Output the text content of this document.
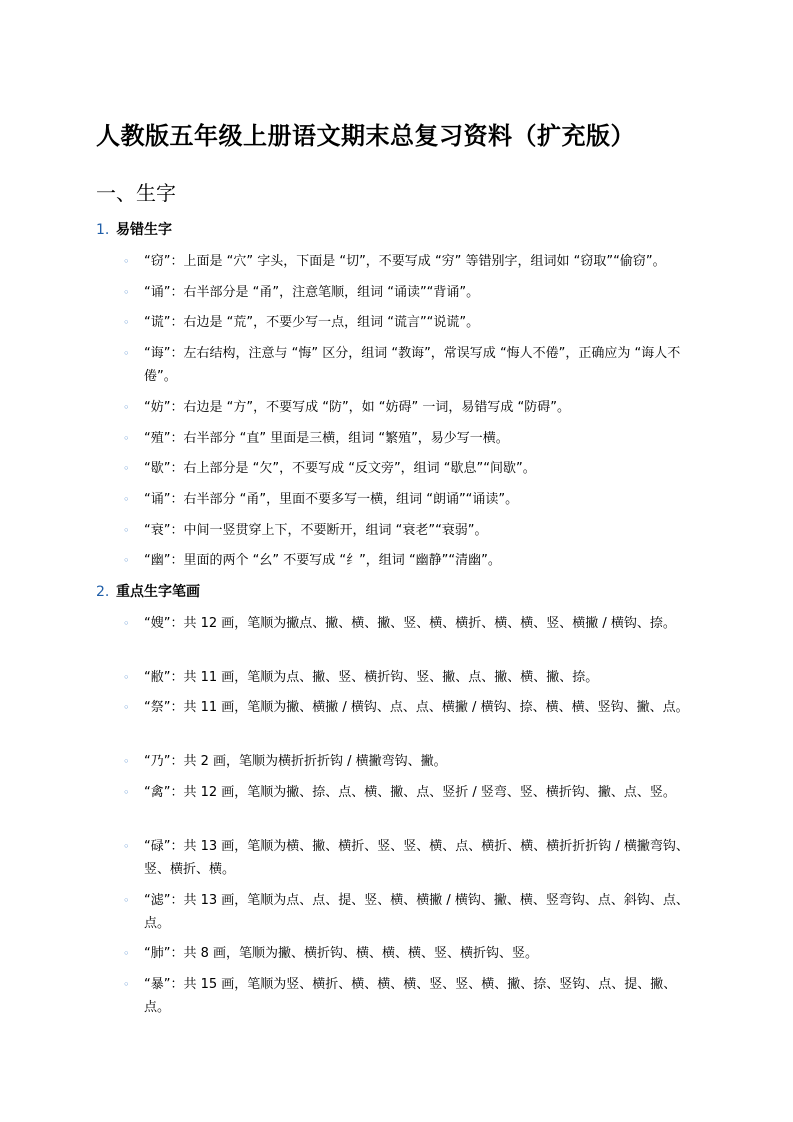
人教版五年级上册语文期末总复习资料（扩充版）
一、生字
1. 易错生字
◦ “窃”：上面是 “穴” 字头，下面是 “切”，不要写成 “穷” 等错别字，组词如 “窃取”“偷窃”。
◦ “诵”：右半部分是 “甬”，注意笔顺，组词 “诵读”“背诵”。
◦ “谎”：右边是 “荒”，不要少写一点，组词 “谎言”“说谎”。
◦ “诲”：左右结构，注意与 “悔” 区分，组词 “教诲”，常误写成 “悔人不倦”，正确应为 “诲人不倦”。
◦ “妨”：右边是 “方”，不要写成 “防”，如 “妨碍” 一词，易错写成 “防碍”。
◦ “殖”：右半部分 “直” 里面是三横，组词 “繁殖”，易少写一横。
◦ “歇”：右上部分是 “欠”，不要写成 “反文旁”，组词 “歇息”“间歇”。
◦ “诵”：右半部分 “甬”，里面不要多写一横，组词 “朗诵”“诵读”。
◦ “衰”：中间一竖贯穿上下，不要断开，组词 “衰老”“衰弱”。
◦ “幽”：里面的两个 “幺” 不要写成 “纟”，组词 “幽静”“清幽”。
2. 重点生字笔画
◦ “嫂”：共 12 画，笔顺为撇点、撇、横、撇、竖、横、横折、横、横、竖、横撇 / 横钩、捺。
◦ “敝”：共 11 画，笔顺为点、撇、竖、横折钩、竖、撇、点、撇、横、撇、捺。
◦ “祭”：共 11 画，笔顺为撇、横撇 / 横钩、点、点、横撇 / 横钩、捺、横、横、竖钩、撇、点。
◦ “乃”：共 2 画，笔顺为横折折折钩 / 横撇弯钩、撇。
◦ “禽”：共 12 画，笔顺为撇、捺、点、横、撇、点、竖折 / 竖弯、竖、横折钩、撇、点、竖。
◦ “碌”：共 13 画，笔顺为横、撇、横折、竖、竖、横、点、横折、横、横折折折钩 / 横撇弯钩、竖、横折、横。
◦ “滤”：共 13 画，笔顺为点、点、提、竖、横、横撇 / 横钩、撇、横、竖弯钩、点、斜钩、点、点。
◦ “肺”：共 8 画，笔顺为撇、横折钩、横、横、横、竖、横折钩、竖。
◦ “暴”：共 15 画，笔顺为竖、横折、横、横、横、竖、竖、横、撇、捺、竖钩、点、提、撇、点。
